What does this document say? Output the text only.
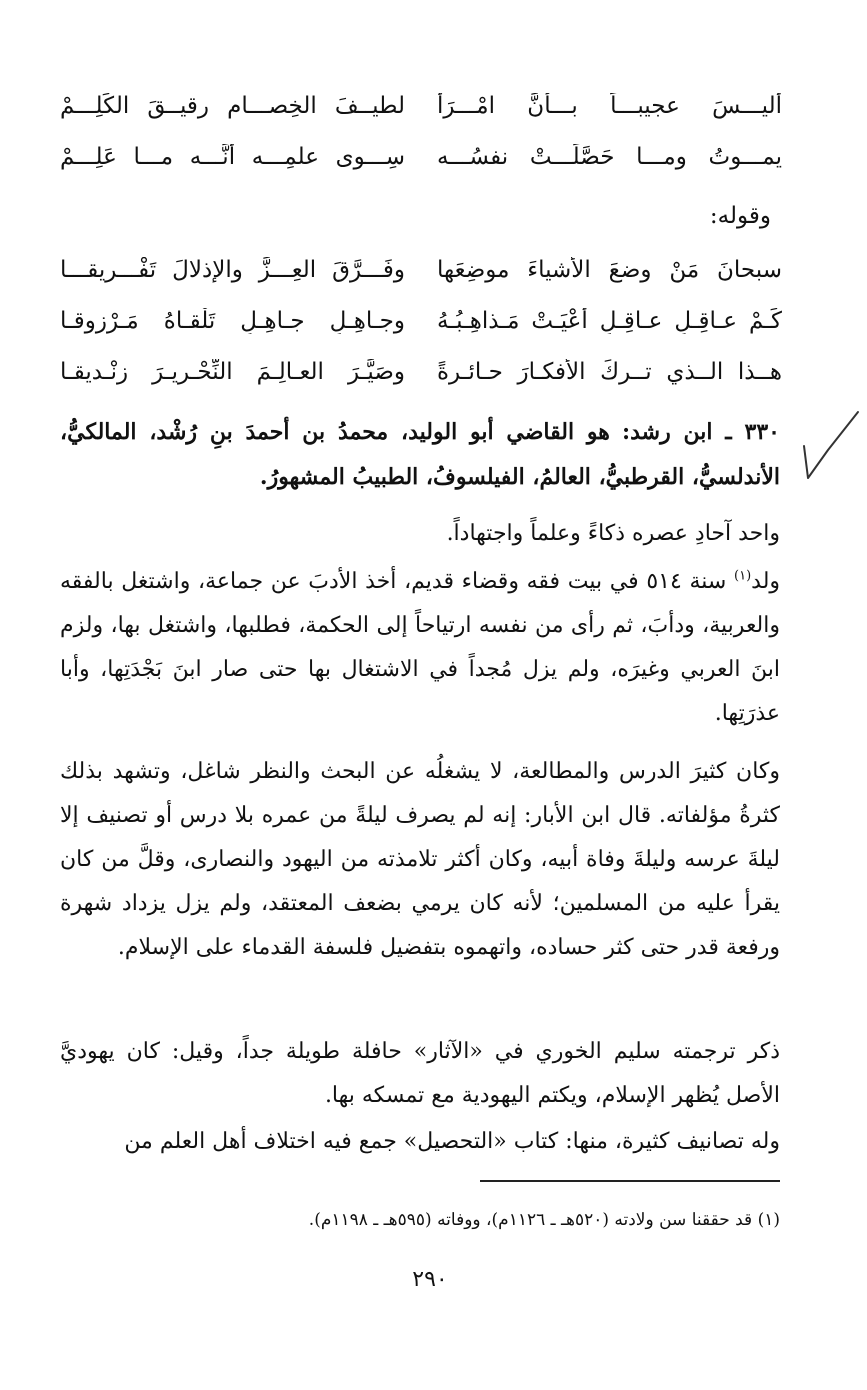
أليـــسَ عجيبـــاً بـــأَنَّ امْـــرَأً
لطيــفَ الخِصـــام رقيــقَ الكَلِـــمْ
يمـــوتُ ومـــا حَصَّلَـــتْ نفسُـــه
سِـــوى علمِـــه أَنَّـــه مـــا عَلِـــمْ
وقوله:
سبحانَ مَنْ وضعَ الأشياءَ موضِعَها
وفَـــرَّقَ العِـــزَّ والإذلالَ تَفْـــريقـــا
كَـمْ عـاقِـلٍ عـاقِـلٍ أَعْيَـتْ مَـذاهِـبُـهُ
وجـاهِـلٍ جـاهِـلٍ تَلْقـاهُ مَـرْزوقـا
هــذا الــذي تــركَ الأفكـارَ حـائـرةً
وصَيَّـرَ العـالِـمَ النِّحْـريـرَ زِنْـديقـا

٣٣٠ ـ ابن رشد: هو القاضي أبو الوليد، محمدُ بن أحمدَ بنِ رُشْد، المالكيُّ، الأندلسيُّ، القرطبيُّ، العالمُ، الفيلسوفُ، الطبيبُ المشهورُ.

واحد آحادِ عصره ذكاءً وعلماً واجتهاداً.

ولد$^{(١)}$ سنة ٥١٤ في بيت فقه وقضاء قديم، أخذ الأدبَ عن جماعة، واشتغل بالفقه والعربية، ودأبَ، ثم رأى من نفسه ارتياحاً إلى الحكمة، فطلبها، واشتغل بها، ولزم ابنَ العربي وغيرَه، ولم يزل مُجداً في الاشتغال بها حتى صار ابنَ بَجْدَتِها، وأبا عذرَتِها.

وكان كثيرَ الدرس والمطالعة، لا يشغلُه عن البحث والنظر شاغل، وتشهد بذلك كثرةُ مؤلفاته. قال ابن الأبار: إنه لم يصرف ليلةً من عمره بلا درس أو تصنيف إلا ليلةَ عرسه وليلةَ وفاة أبيه، وكان أكثر تلامذته من اليهود والنصارى، وقلَّ من كان يقرأ عليه من المسلمين؛ لأنه كان يرمي بضعف المعتقد، ولم يزل يزداد شهرة ورفعة قدر حتى كثر حساده، واتهموه بتفضيل فلسفة القدماء على الإسلام.

ذكر ترجمته سليم الخوري في «الآثار» حافلة طويلة جداً، وقيل: كان يهوديَّ الأصل يُظهر الإسلام، ويكتم اليهودية مع تمسكه بها.

وله تصانيف كثيرة، منها: كتاب «التحصيل» جمع فيه اختلاف أهل العلم من

(١) قد حققنا سن ولادته (٥٢٠هـ ـ ١١٢٦م)، ووفاته (٥٩٥هـ ـ ١١٩٨م).

٢٩٠
